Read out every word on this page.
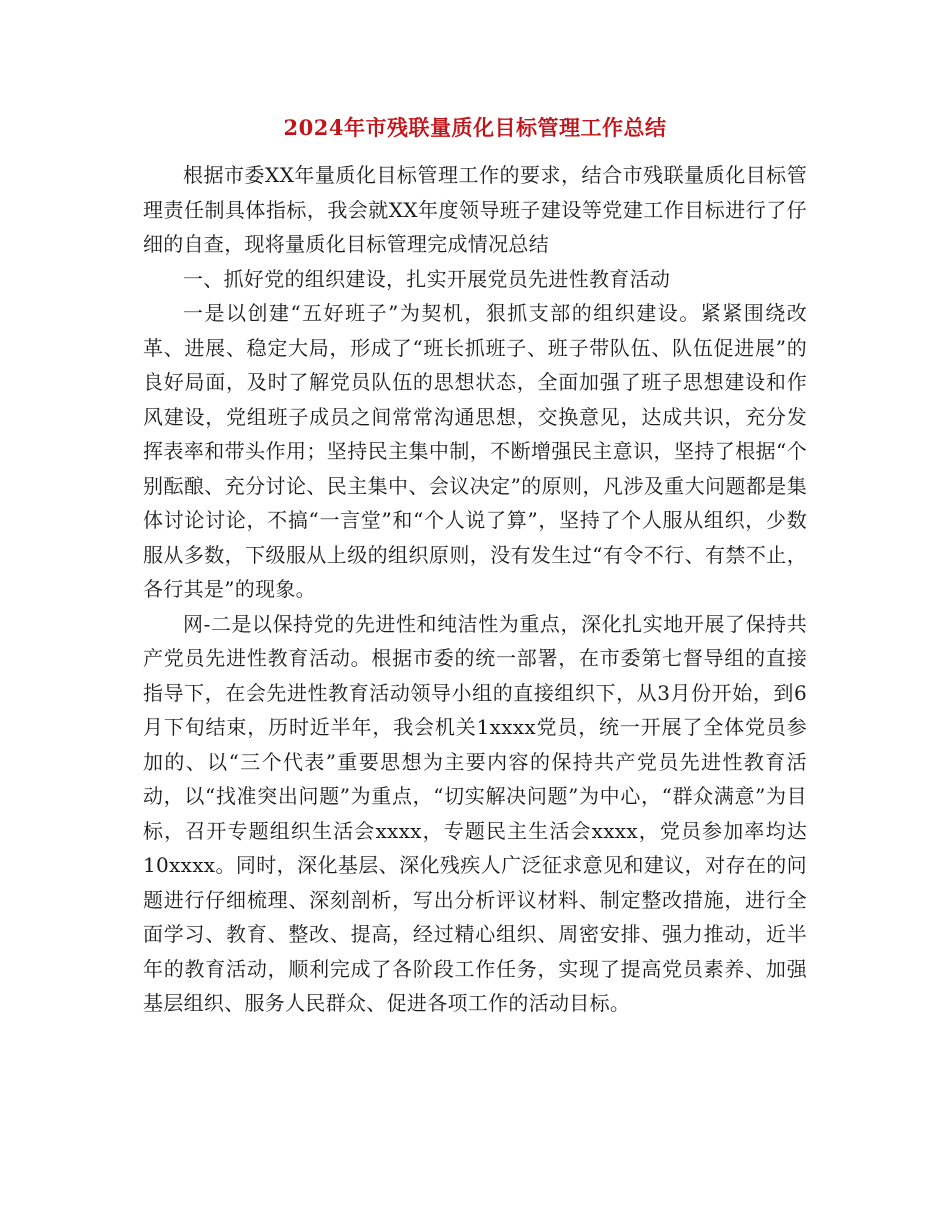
2024年市残联量质化目标管理工作总结

根据市委XX年量质化目标管理工作的要求，结合市残联量质化目标管理责任制具体指标，我会就XX年度领导班子建设等党建工作目标进行了仔细的自查，现将量质化目标管理完成情况总结

一、抓好党的组织建设，扎实开展党员先进性教育活动

一是以创建“五好班子”为契机，狠抓支部的组织建设。紧紧围绕改革、进展、稳定大局，形成了“班长抓班子、班子带队伍、队伍促进展”的良好局面，及时了解党员队伍的思想状态，全面加强了班子思想建设和作风建设，党组班子成员之间常常沟通思想，交换意见，达成共识，充分发挥表率和带头作用；坚持民主集中制，不断增强民主意识，坚持了根据“个别酝酿、充分讨论、民主集中、会议决定”的原则，凡涉及重大问题都是集体讨论讨论，不搞“一言堂”和“个人说了算”，坚持了个人服从组织，少数服从多数，下级服从上级的组织原则，没有发生过“有令不行、有禁不止，各行其是”的现象。

网-二是以保持党的先进性和纯洁性为重点，深化扎实地开展了保持共产党员先进性教育活动。根据市委的统一部署，在市委第七督导组的直接指导下，在会先进性教育活动领导小组的直接组织下，从3月份开始，到6月下旬结束，历时近半年，我会机关1xxxx党员，统一开展了全体党员参加的、以“三个代表”重要思想为主要内容的保持共产党员先进性教育活动，以“找准突出问题”为重点，“切实解决问题”为中心，“群众满意”为目标，召开专题组织生活会xxxx，专题民主生活会xxxx，党员参加率均达10xxxx。同时，深化基层、深化残疾人广泛征求意见和建议，对存在的问题进行仔细梳理、深刻剖析，写出分析评议材料、制定整改措施，进行全面学习、教育、整改、提高，经过精心组织、周密安排、强力推动，近半年的教育活动，顺利完成了各阶段工作任务，实现了提高党员素养、加强基层组织、服务人民群众、促进各项工作的活动目标。
